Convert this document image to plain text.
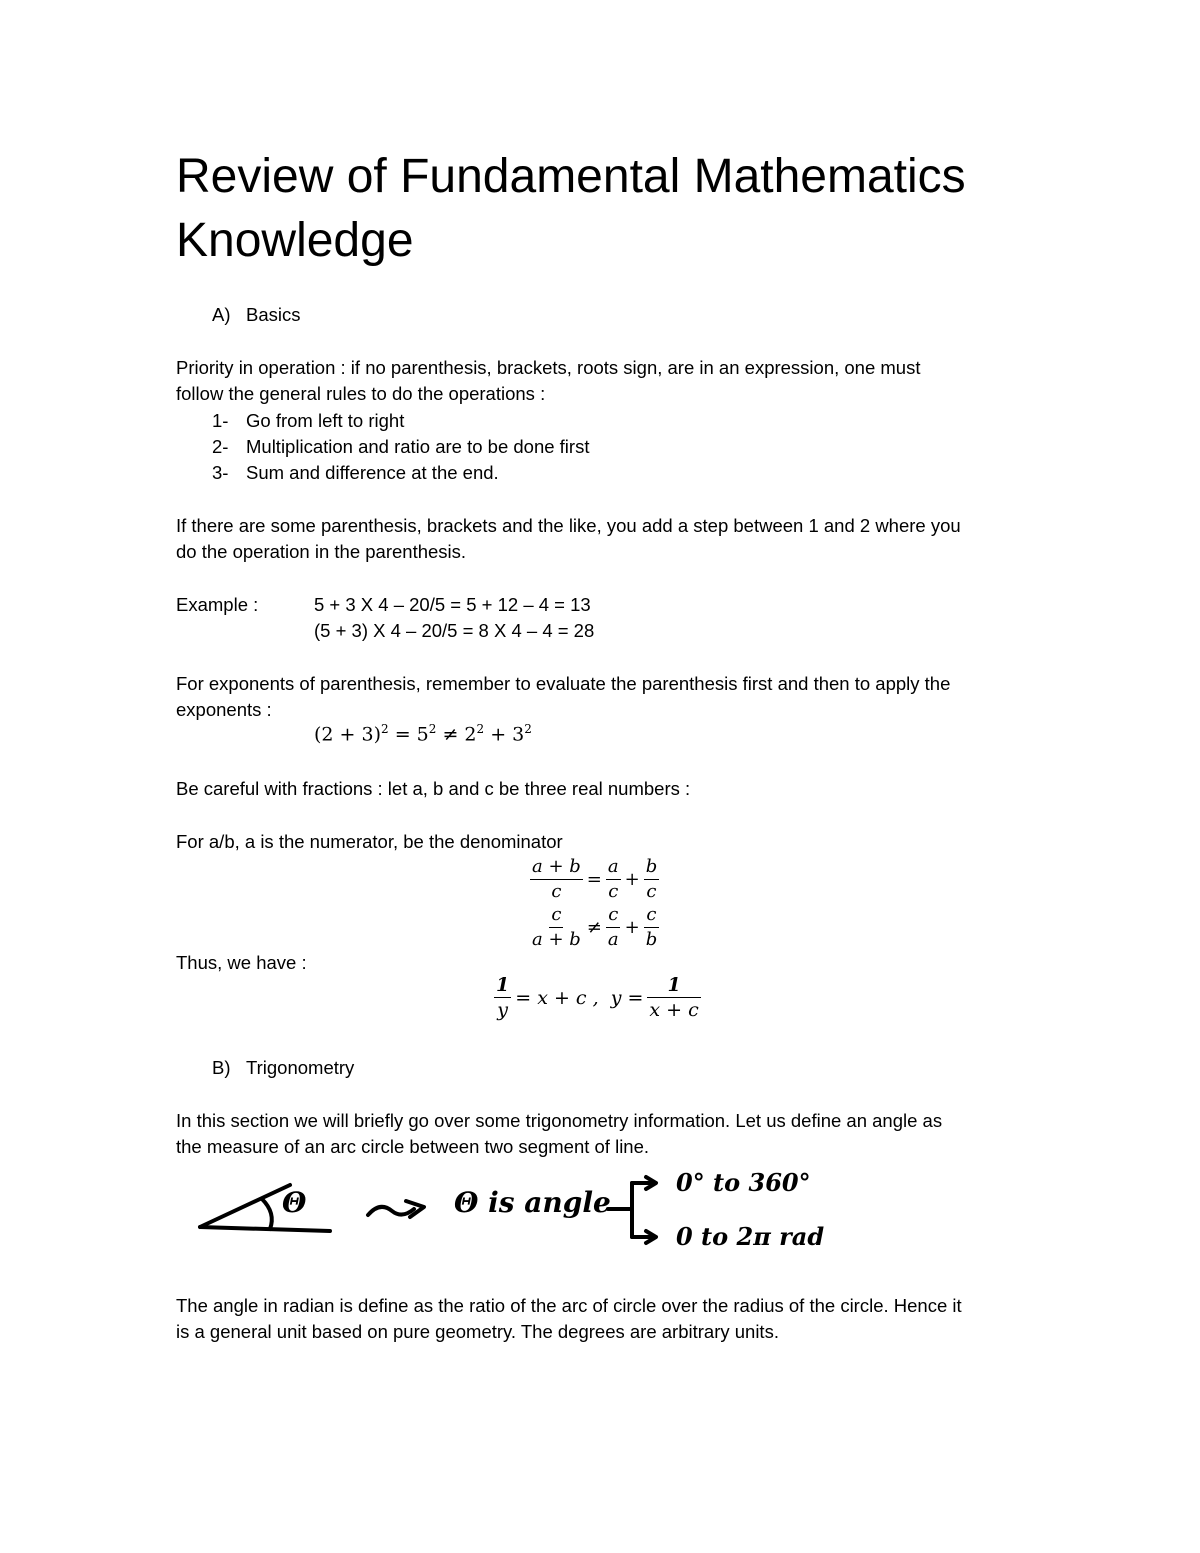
Review of Fundamental Mathematics
Knowledge
A) Basics
Priority in operation : if no parenthesis, brackets, roots sign, are in an expression, one must
follow the general rules to do the operations :
1- Go from left to right
2- Multiplication and ratio are to be done first
3- Sum and difference at the end.
If there are some parenthesis, brackets and the like, you add a step between 1 and 2 where you
do the operation in the parenthesis.
Example :	5 + 3 X 4 – 20/5 = 5 + 12 – 4 = 13
(5 + 3) X 4 – 20/5 = 8 X 4 – 4 = 28
For exponents of parenthesis, remember to evaluate the parenthesis first and then to apply the
exponents :
$(2 + 3)^2 = 5^2 \ne 2^2 + 3^2$
Be careful with fractions : let a, b and c be three real numbers :
For a/b, a is the numerator, be the denominator
$\frac{a + b}{c} = \frac{a}{c} + \frac{b}{c}$
$\frac{c}{a + b} \ne \frac{c}{a} + \frac{c}{b}$
Thus, we have :
$\frac{1}{y} = x + c$ ,  $y = \frac{1}{x + c}$
B) Trigonometry
In this section we will briefly go over some trigonometry information. Let us define an angle as
the measure of an arc circle between two segment of line.
Θ	Θ is angle
0° to 360°
0 to 2π rad
The angle in radian is define as the ratio of the arc of circle over the radius of the circle. Hence it
is a general unit based on pure geometry. The degrees are arbitrary units.
